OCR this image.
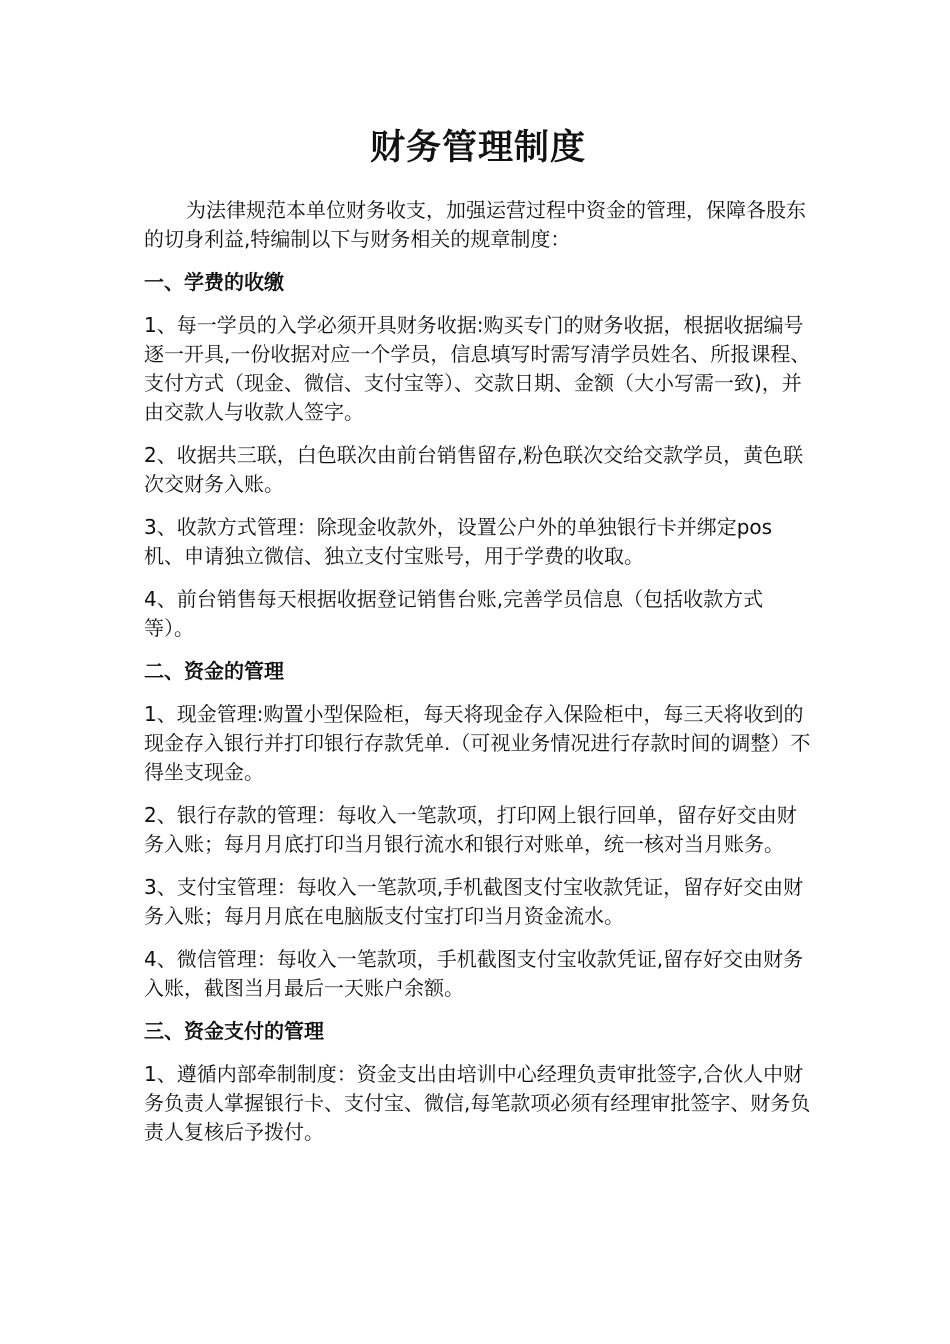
财务管理制度

为法律规范本单位财务收支，加强运营过程中资金的管理，保障各股东的切身利益,特编制以下与财务相关的规章制度：

一、学费的收缴

1、每一学员的入学必须开具财务收据:购买专门的财务收据，根据收据编号逐一开具,一份收据对应一个学员，信息填写时需写清学员姓名、所报课程、支付方式（现金、微信、支付宝等）、交款日期、金额（大小写需一致)，并由交款人与收款人签字。

2、收据共三联，白色联次由前台销售留存,粉色联次交给交款学员，黄色联次交财务入账。

3、收款方式管理：除现金收款外，设置公户外的单独银行卡并绑定pos机、申请独立微信、独立支付宝账号，用于学费的收取。

4、前台销售每天根据收据登记销售台账,完善学员信息（包括收款方式等）。

二、资金的管理

1、现金管理:购置小型保险柜，每天将现金存入保险柜中，每三天将收到的现金存入银行并打印银行存款凭单.（可视业务情况进行存款时间的调整）不得坐支现金。

2、银行存款的管理：每收入一笔款项，打印网上银行回单，留存好交由财务入账；每月月底打印当月银行流水和银行对账单，统一核对当月账务。

3、支付宝管理：每收入一笔款项,手机截图支付宝收款凭证，留存好交由财务入账；每月月底在电脑版支付宝打印当月资金流水。

4、微信管理：每收入一笔款项，手机截图支付宝收款凭证,留存好交由财务入账，截图当月最后一天账户余额。

三、资金支付的管理

1、遵循内部牵制制度：资金支出由培训中心经理负责审批签字,合伙人中财务负责人掌握银行卡、支付宝、微信,每笔款项必须有经理审批签字、财务负责人复核后予拨付。
